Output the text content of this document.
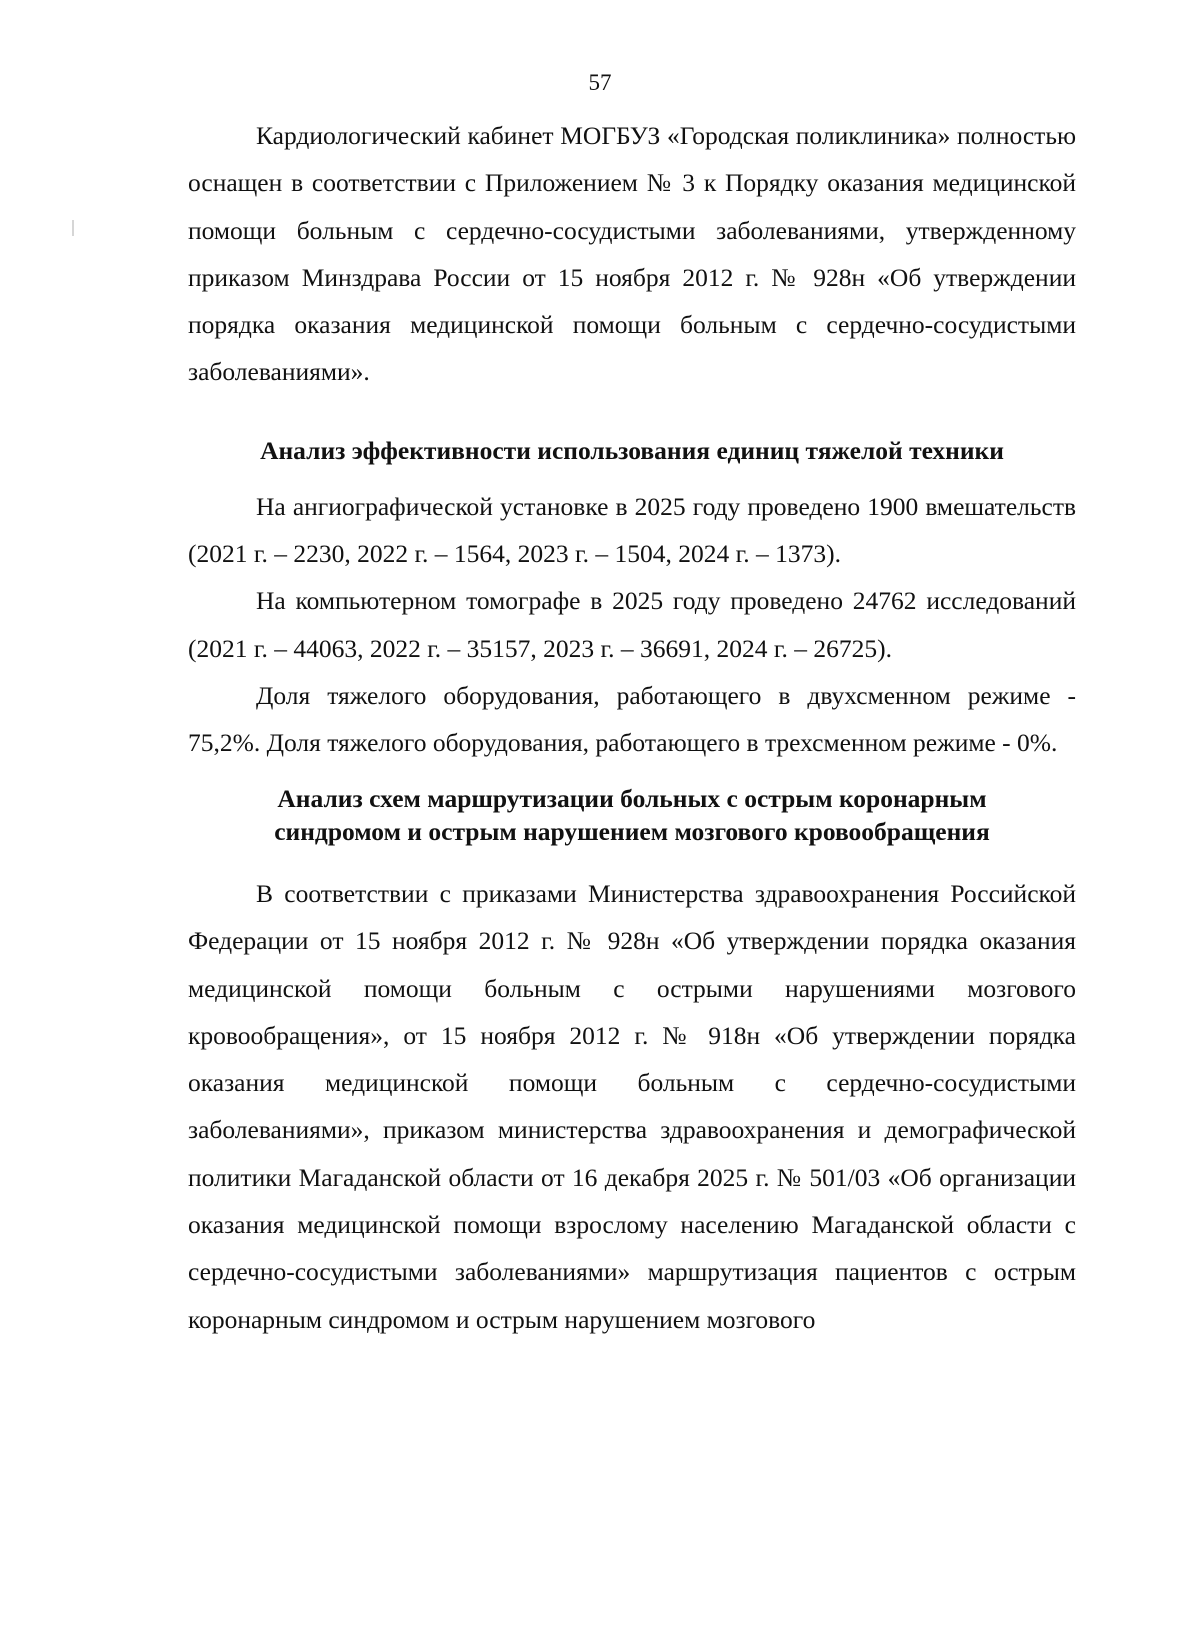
57

Кардиологический кабинет МОГБУЗ «Городская поликлиника» полностью оснащен в соответствии с Приложением № 3 к Порядку оказания медицинской помощи больным с сердечно-сосудистыми заболеваниями, утвержденному приказом Минздрава России от 15 ноября 2012 г. № 928н «Об утверждении порядка оказания медицинской помощи больным с сердечно-сосудистыми заболеваниями».

Анализ эффективности использования единиц тяжелой техники

На ангиографической установке в 2025 году проведено 1900 вмешательств (2021 г. – 2230, 2022 г. – 1564, 2023 г. – 1504, 2024 г. – 1373).

На компьютерном томографе в 2025 году проведено 24762 исследований (2021 г. – 44063, 2022 г. – 35157, 2023 г. – 36691, 2024 г. – 26725).

Доля тяжелого оборудования, работающего в двухсменном режиме - 75,2%. Доля тяжелого оборудования, работающего в трехсменном режиме - 0%.

Анализ схем маршрутизации больных с острым коронарным
синдромом и острым нарушением мозгового кровообращения

В соответствии с приказами Министерства здравоохранения Российской Федерации от 15 ноября 2012 г. № 928н «Об утверждении порядка оказания медицинской помощи больным с острыми нарушениями мозгового кровообращения», от 15 ноября 2012 г. № 918н «Об утверждении порядка оказания медицинской помощи больным с сердечно-сосудистыми заболеваниями», приказом министерства здравоохранения и демографической политики Магаданской области от 16 декабря 2025 г. № 501/03 «Об организации оказания медицинской помощи взрослому населению Магаданской области с сердечно-сосудистыми заболеваниями» маршрутизация пациентов с острым коронарным синдромом и острым нарушением мозгового
